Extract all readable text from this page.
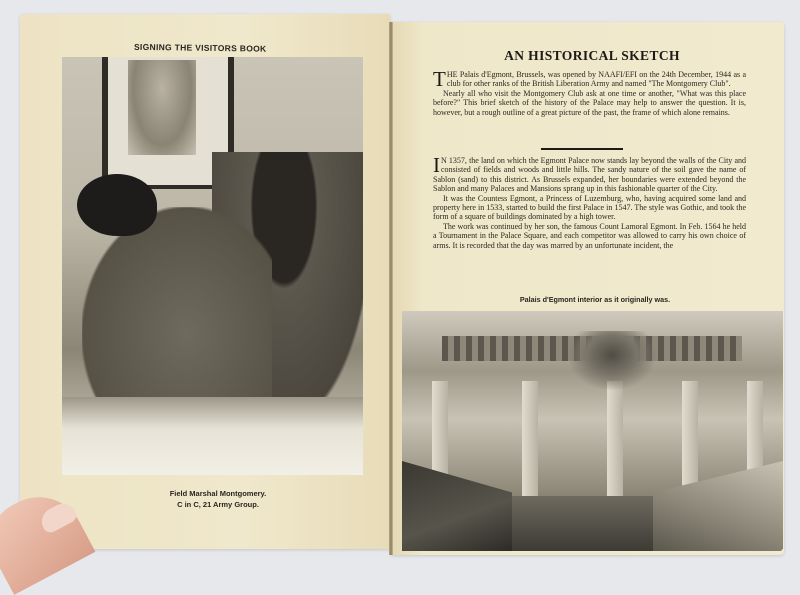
SIGNING THE VISITORS BOOK
Field Marshal Montgomery.
C in C, 21 Army Group.
AN HISTORICAL SKETCH

THE Palais d'Egmont, Brussels, was opened by NAAFI/EFI on the 24th December, 1944 as a club for other ranks of the British Liberation Army and named "The Montgomery Club".

Nearly all who visit the Montgomery Club ask at one time or another, "What was this place before?" This brief sketch of the history of the Palace may help to answer the question. It is, however, but a rough outline of a great picture of the past, the frame of which alone remains.

I N 1357, the land on which the Egmont Palace now stands lay beyond the walls of the City and consisted of fields and woods and little hills. The sandy nature of the soil gave the name of Sablon (sand) to this district. As Brussels expanded, her boundaries were extended beyond the Sablon and many Palaces and Mansions sprang up in this fashionable quarter of the City.

It was the Countess Egmont, a Princess of Luzemburg, who, having acquired some land and property here in 1533, started to build the first Palace in 1547. The style was Gothic, and took the form of a square of buildings dominated by a high tower.

The work was continued by her son, the famous Count Lamoral Egmont. In Feb. 1564 he held a Tournament in the Palace Square, and each competitor was allowed to carry his own choice of arms. It is recorded that the day was marred by an unfortunate incident, the

Palais d'Egmont interior as it originally was.
